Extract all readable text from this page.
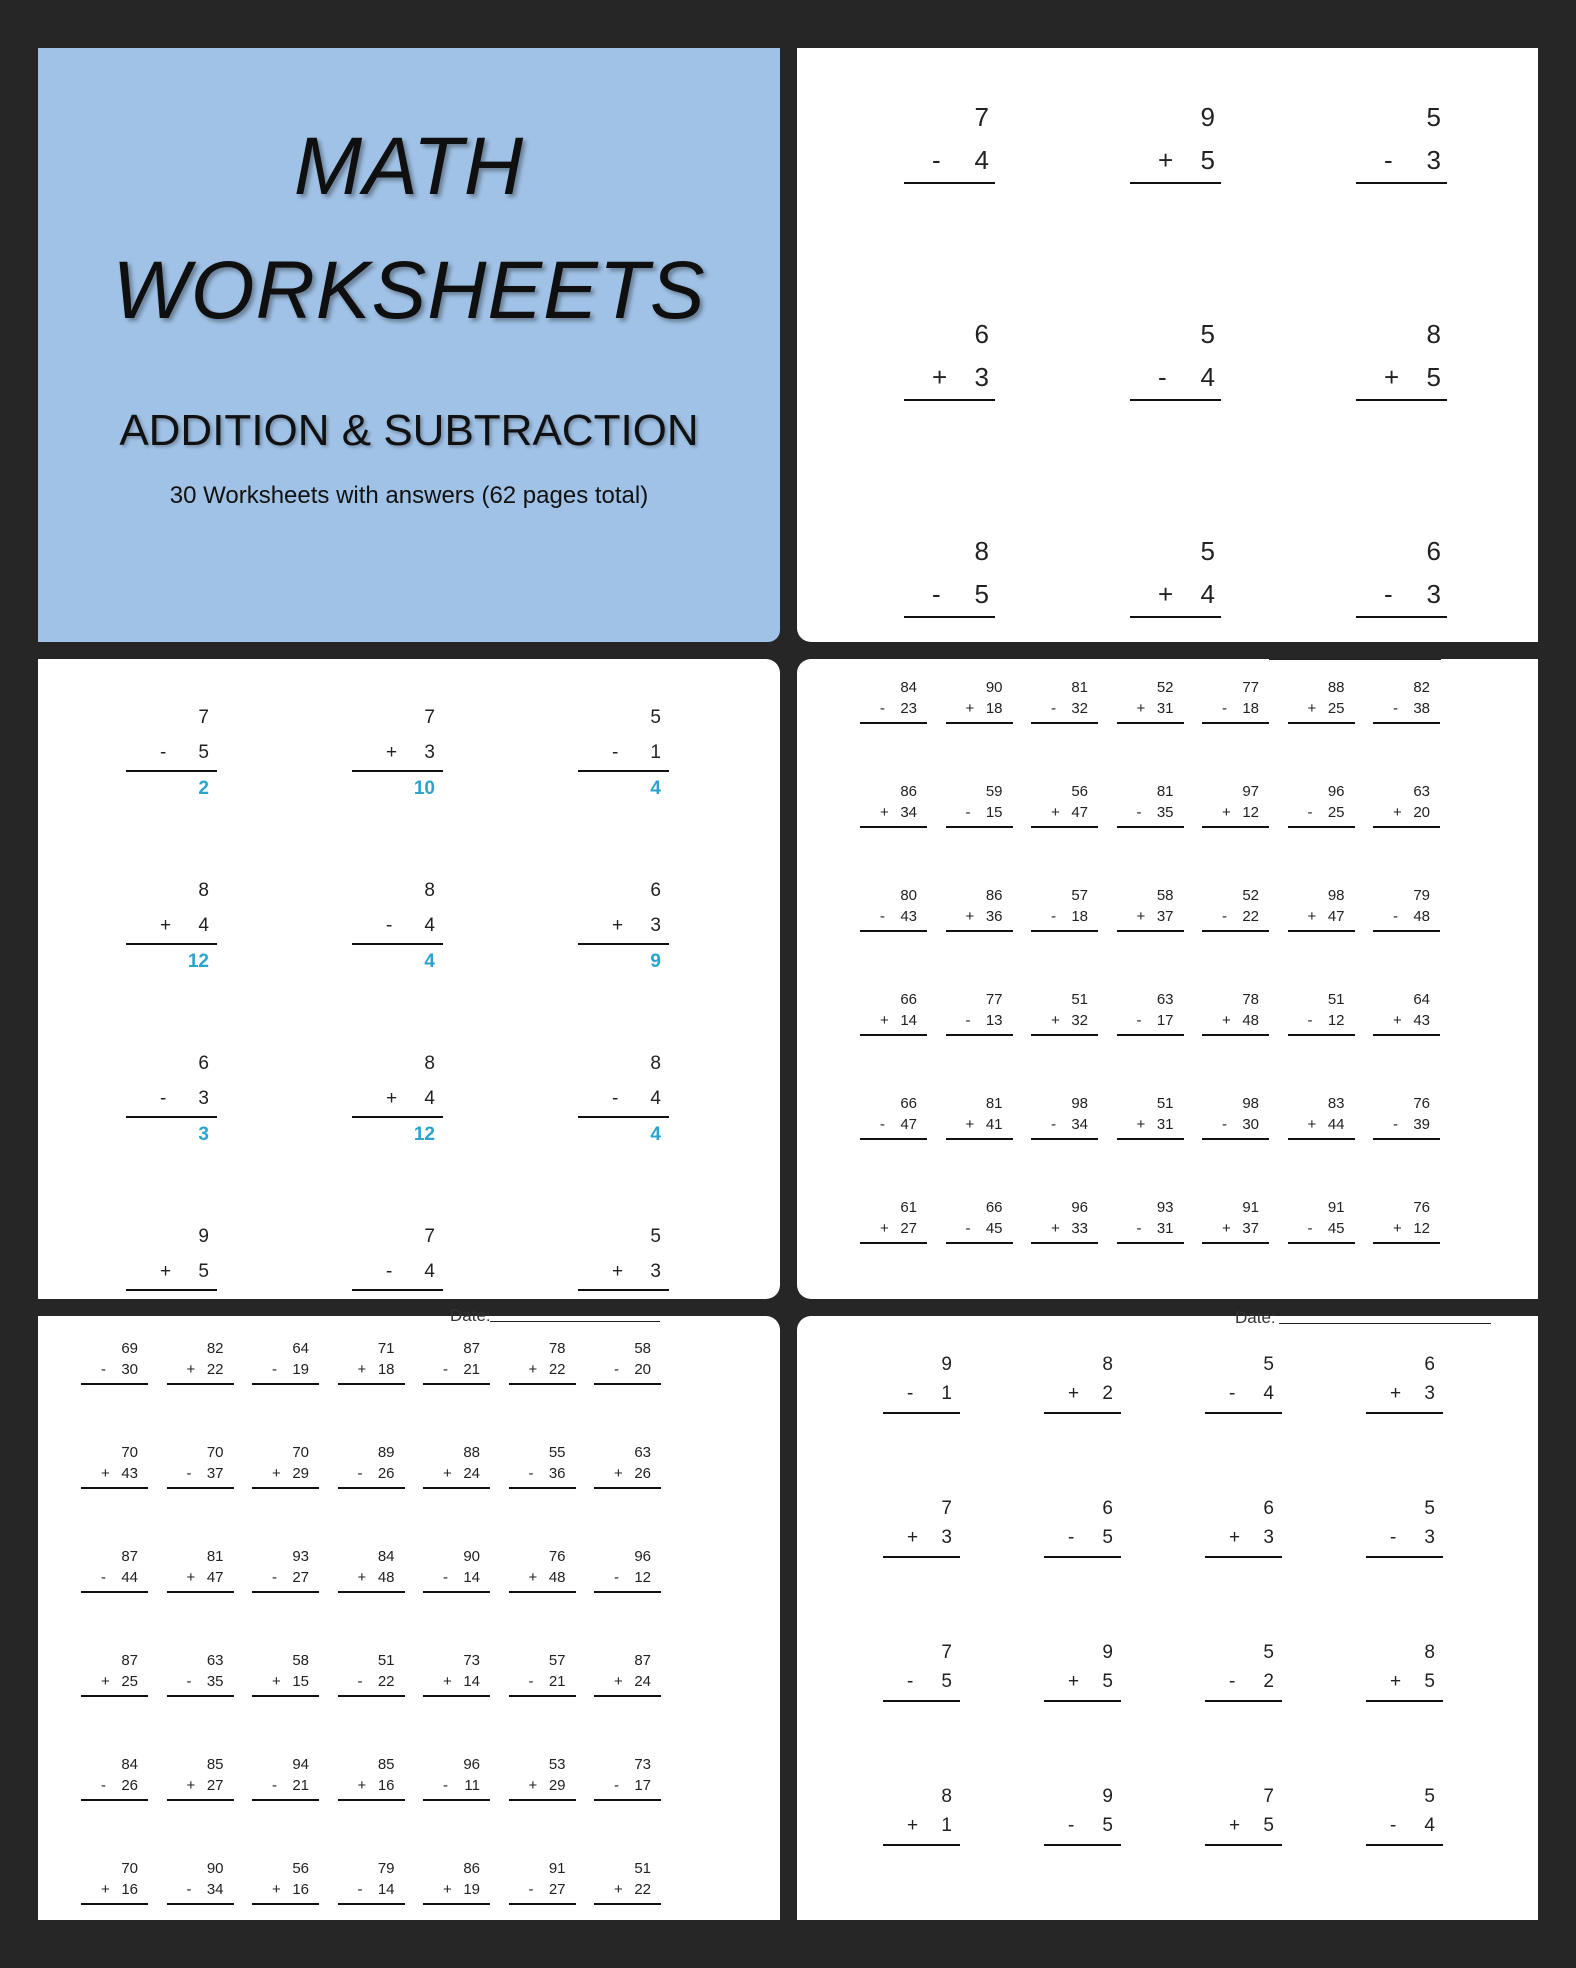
MATH
WORKSHEETS
ADDITION & SUBTRACTION
30 Worksheets with answers (62 pages total)
7
- 4
9
+ 5
5
- 3
6
+ 3
5
- 4
8
+ 5
8
- 5
5
+ 4
6
- 3
7
- 5
2
7
+ 3
10
5
- 1
4
8
+ 4
12
8
- 4
4
6
+ 3
9
6
- 3
3
8
+ 4
12
8
- 4
4
9
+ 5
7
- 4
5
+ 3
84
- 23
90
+ 18
81
- 32
52
+ 31
77
- 18
88
+ 25
82
- 38
86
+ 34
59
- 15
56
+ 47
81
- 35
97
+ 12
96
- 25
63
+ 20
80
- 43
86
+ 36
57
- 18
58
+ 37
52
- 22
98
+ 47
79
- 48
66
+ 14
77
- 13
51
+ 32
63
- 17
78
+ 48
51
- 12
64
+ 43
66
- 47
81
+ 41
98
- 34
51
+ 31
98
- 30
83
+ 44
76
- 39
61
+ 27
66
- 45
96
+ 33
93
- 31
91
+ 37
91
- 45
76
+ 12
Date:
69
- 30
82
+ 22
64
- 19
71
+ 18
87
- 21
78
+ 22
58
- 20
70
+ 43
70
- 37
70
+ 29
89
- 26
88
+ 24
55
- 36
63
+ 26
87
- 44
81
+ 47
93
- 27
84
+ 48
90
- 14
76
+ 48
96
- 12
87
+ 25
63
- 35
58
+ 15
51
- 22
73
+ 14
57
- 21
87
+ 24
84
- 26
85
+ 27
94
- 21
85
+ 16
96
- 11
53
+ 29
73
- 17
70
+ 16
90
- 34
56
+ 16
79
- 14
86
+ 19
91
- 27
51
+ 22
Date:
9
- 1
8
+ 2
5
- 4
6
+ 3
7
+ 3
6
- 5
6
+ 3
5
- 3
7
- 5
9
+ 5
5
- 2
8
+ 5
8
+ 1
9
- 5
7
+ 5
5
- 4
